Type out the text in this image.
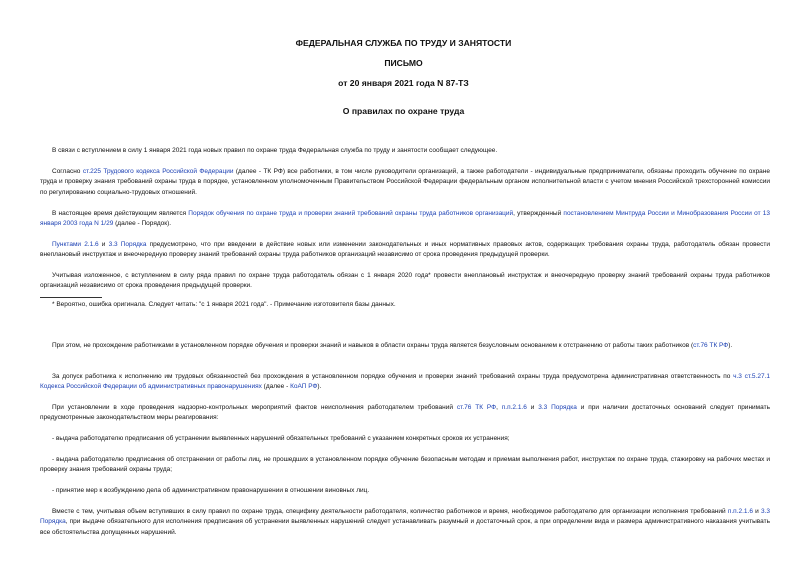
ФЕДЕРАЛЬНАЯ СЛУЖБА ПО ТРУДУ И ЗАНЯТОСТИ
ПИСЬМО
от 20 января 2021 года N 87-ТЗ
О правилах по охране труда

В связи с вступлением в силу 1 января 2021 года новых правил по охране труда Федеральная служба по труду и занятости сообщает следующее.

Согласно ст.225 Трудового кодекса Российской Федерации (далее - ТК РФ) все работники, в том числе руководители организаций, а также работодатели - индивидуальные предприниматели, обязаны проходить обучение по охране труда и проверку знания требований охраны труда в порядке, установленном уполномоченным Правительством Российской Федерации федеральным органом исполнительной власти с учетом мнения Российской трехсторонней комиссии по регулированию социально-трудовых отношений.

В настоящее время действующим является Порядок обучения по охране труда и проверки знаний требований охраны труда работников организаций, утвержденный постановлением Минтруда России и Минобразования России от 13 января 2003 года N 1/29 (далее - Порядок).

Пунктами 2.1.6 и 3.3 Порядка предусмотрено, что при введении в действие новых или изменении законодательных и иных нормативных правовых актов, содержащих требования охраны труда, работодатель обязан провести внеплановый инструктаж и внеочередную проверку знаний требований охраны труда работников организаций независимо от срока проведения предыдущей проверки.

Учитывая изложенное, с вступлением в силу ряда правил по охране труда работодатель обязан с 1 января 2020 года* провести внеплановый инструктаж и внеочередную проверку знаний требований охраны труда работников организаций независимо от срока проведения предыдущей проверки.

* Вероятно, ошибка оригинала. Следует читать: "с 1 января 2021 года". - Примечание изготовителя базы данных.

При этом, не прохождение работниками в установленном порядке обучения и проверки знаний и навыков в области охраны труда является безусловным основанием к отстранению от работы таких работников (ст.76 ТК РФ).

За допуск работника к исполнению им трудовых обязанностей без прохождения в установленном порядке обучения и проверки знаний требований охраны труда предусмотрена административная ответственность по ч.3 ст.5.27.1 Кодекса Российской Федерации об административных правонарушениях (далее - КоАП РФ).

При установлении в ходе проведения надзорно-контрольных мероприятий фактов неисполнения работодателем требований ст.76 ТК РФ, п.п.2.1.6 и 3.3 Порядка и при наличии достаточных оснований следует принимать предусмотренные законодательством меры реагирования:

- выдача работодателю предписания об устранении выявленных нарушений обязательных требований с указанием конкретных сроков их устранения;

- выдача работодателю предписания об отстранении от работы лиц, не прошедших в установленном порядке обучение безопасным методам и приемам выполнения работ, инструктаж по охране труда, стажировку на рабочих местах и проверку знания требований охраны труда;

- принятие мер к возбуждению дела об административном правонарушении в отношении виновных лиц.

Вместе с тем, учитывая объем вступивших в силу правил по охране труда, специфику деятельности работодателя, количество работников и время, необходимое работодателю для организации исполнения требований п.п.2.1.6 и 3.3 Порядка, при выдаче обязательного для исполнения предписания об устранении выявленных нарушений следует устанавливать разумный и достаточный срок, а при определении вида и размера административного наказания учитывать все обстоятельства допущенных нарушений.
